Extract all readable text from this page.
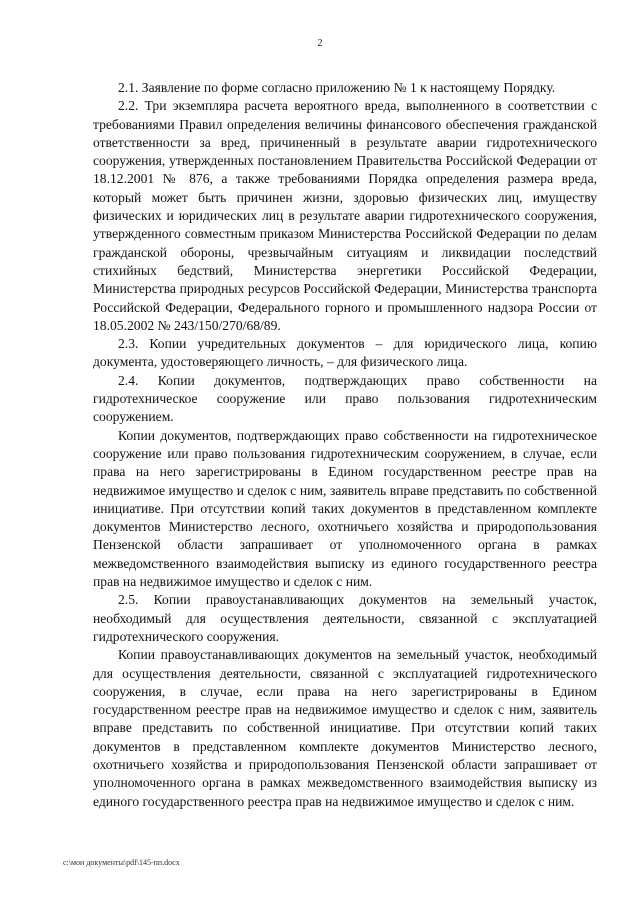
2

2.1. Заявление по форме согласно приложению № 1 к настоящему Порядку.

2.2. Три экземпляра расчета вероятного вреда, выполненного в соответствии с требованиями Правил определения величины финансового обеспечения гражданской ответственности за вред, причиненный в результате аварии гидротехнического сооружения, утвержденных постановлением Правительства Российской Федерации от 18.12.2001 № 876, а также требованиями Порядка определения размера вреда, который может быть причинен жизни, здоровью физических лиц, имуществу физических и юридических лиц в результате аварии гидротехнического сооружения, утвержденного совместным приказом Министерства Российской Федерации по делам гражданской обороны, чрезвычайным ситуациям и ликвидации последствий стихийных бедствий, Министерства энергетики Российской Федерации, Министерства природных ресурсов Российской Федерации, Министерства транспорта Российской Федерации, Федерального горного и промышленного надзора России от 18.05.2002 № 243/150/270/68/89.

2.3. Копии учредительных документов – для юридического лица, копию документа, удостоверяющего личность, – для физического лица.

2.4. Копии документов, подтверждающих право собственности на гидротехническое сооружение или право пользования гидротехническим сооружением.

Копии документов, подтверждающих право собственности на гидротехническое сооружение или право пользования гидротехническим сооружением, в случае, если права на него зарегистрированы в Едином государственном реестре прав на недвижимое имущество и сделок с ним, заявитель вправе представить по собственной инициативе. При отсутствии копий таких документов в представленном комплекте документов Министерство лесного, охотничьего хозяйства и природопользования Пензенской области запрашивает от уполномоченного органа в рамках межведомственного взаимодействия выписку из единого государственного реестра прав на недвижимое имущество и сделок с ним.

2.5. Копии правоустанавливающих документов на земельный участок, необходимый для осуществления деятельности, связанной с эксплуатацией гидротехнического сооружения.

Копии правоустанавливающих документов на земельный участок, необходимый для осуществления деятельности, связанной с эксплуатацией гидротехнического сооружения, в случае, если права на него зарегистрированы в Едином государственном реестре прав на недвижимое имущество и сделок с ним, заявитель вправе представить по собственной инициативе. При отсутствии копий таких документов в представленном комплекте документов Министерство лесного, охотничьего хозяйства и природопользования Пензенской области запрашивает от уполномоченного органа в рамках межведомственного взаимодействия выписку из единого государственного реестра прав на недвижимое имущество и сделок с ним.

c:\мои документы\pdf\145-пп.docx
